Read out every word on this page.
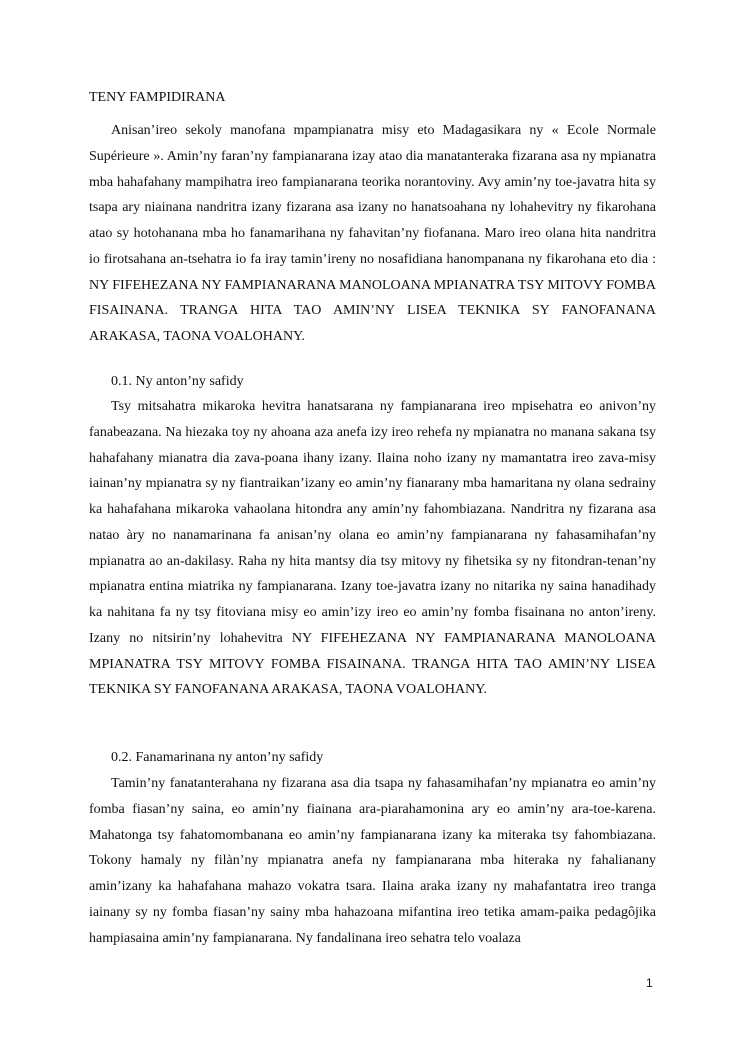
TENY FAMPIDIRANA

Anisan’ireo sekoly manofana mpampianatra misy eto Madagasikara ny « Ecole Normale Supérieure ». Amin’ny faran’ny fampianarana izay atao dia manatanteraka fizarana asa ny mpianatra mba hahafahany mampihatra ireo fampianarana teorika norantoviny. Avy amin’ny toe-javatra hita sy tsapa ary niainana nandritra izany fizarana asa izany no hanatsoahana ny lohahevitry ny fikarohana atao sy hotohanana mba ho fanamarihana ny fahavitan’ny fiofanana. Maro ireo olana hita nandritra io firotsahana an-tsehatra io fa iray tamin’ireny no nosafidiana hanompanana ny fikarohana eto dia : NY FIFEHEZANA NY FAMPIANARANA MANOLOANA MPIANATRA TSY MITOVY FOMBA FISAINANA. TRANGA HITA TAO AMIN’NY LISEA TEKNIKA SY FANOFANANA ARAKASA, TAONA VOALOHANY.

0.1. Ny anton’ny safidy

Tsy mitsahatra mikaroka hevitra hanatsarana ny fampianarana ireo mpisehatra eo anivon’ny fanabeazana. Na hiezaka toy ny ahoana aza anefa izy ireo rehefa ny mpianatra no manana sakana tsy hahafahany mianatra dia zava-poana ihany izany. Ilaina noho izany ny mamantatra ireo zava-misy iainan’ny mpianatra sy ny fiantraikan’izany eo amin’ny fianarany mba hamaritana ny olana sedrainy ka hahafahana mikaroka vahaolana hitondra any amin’ny fahombiazana. Nandritra ny fizarana asa natao àry no nanamarinana fa anisan’ny olana eo amin’ny fampianarana ny fahasamihafan’ny mpianatra ao an-dakilasy. Raha ny hita mantsy dia tsy mitovy ny fihetsika sy ny fitondran-tenan’ny mpianatra entina miatrika ny fampianarana. Izany toe-javatra izany no nitarika ny saina hanadihady ka nahitana fa ny tsy fitoviana misy eo amin’izy ireo eo amin’ny fomba fisainana no anton’ireny. Izany no nitsirin’ny lohahevitra NY FIFEHEZANA NY FAMPIANARANA MANOLOANA MPIANATRA TSY MITOVY FOMBA FISAINANA. TRANGA HITA TAO AMIN’NY LISEA TEKNIKA SY FANOFANANA ARAKASA, TAONA VOALOHANY.

0.2. Fanamarinana ny anton’ny safidy

Tamin’ny fanatanterahana ny fizarana asa dia tsapa ny fahasamihafan’ny mpianatra eo amin’ny fomba fiasan’ny saina, eo amin’ny fiainana ara-piarahamonina ary eo amin’ny ara-toe-karena. Mahatonga tsy fahatomombanana eo amin’ny fampianarana izany ka miteraka tsy fahombiazana. Tokony hamaly ny filàn’ny mpianatra anefa ny fampianarana mba hiteraka ny fahalianany amin’izany ka hahafahana mahazo vokatra tsara. Ilaina araka izany ny mahafantatra ireo tranga iainany sy ny fomba fiasan’ny sainy mba hahazoana mifantina ireo tetika amam-paika pedagôjika hampiasaina amin’ny fampianarana. Ny fandalinana ireo sehatra telo voalaza

1
